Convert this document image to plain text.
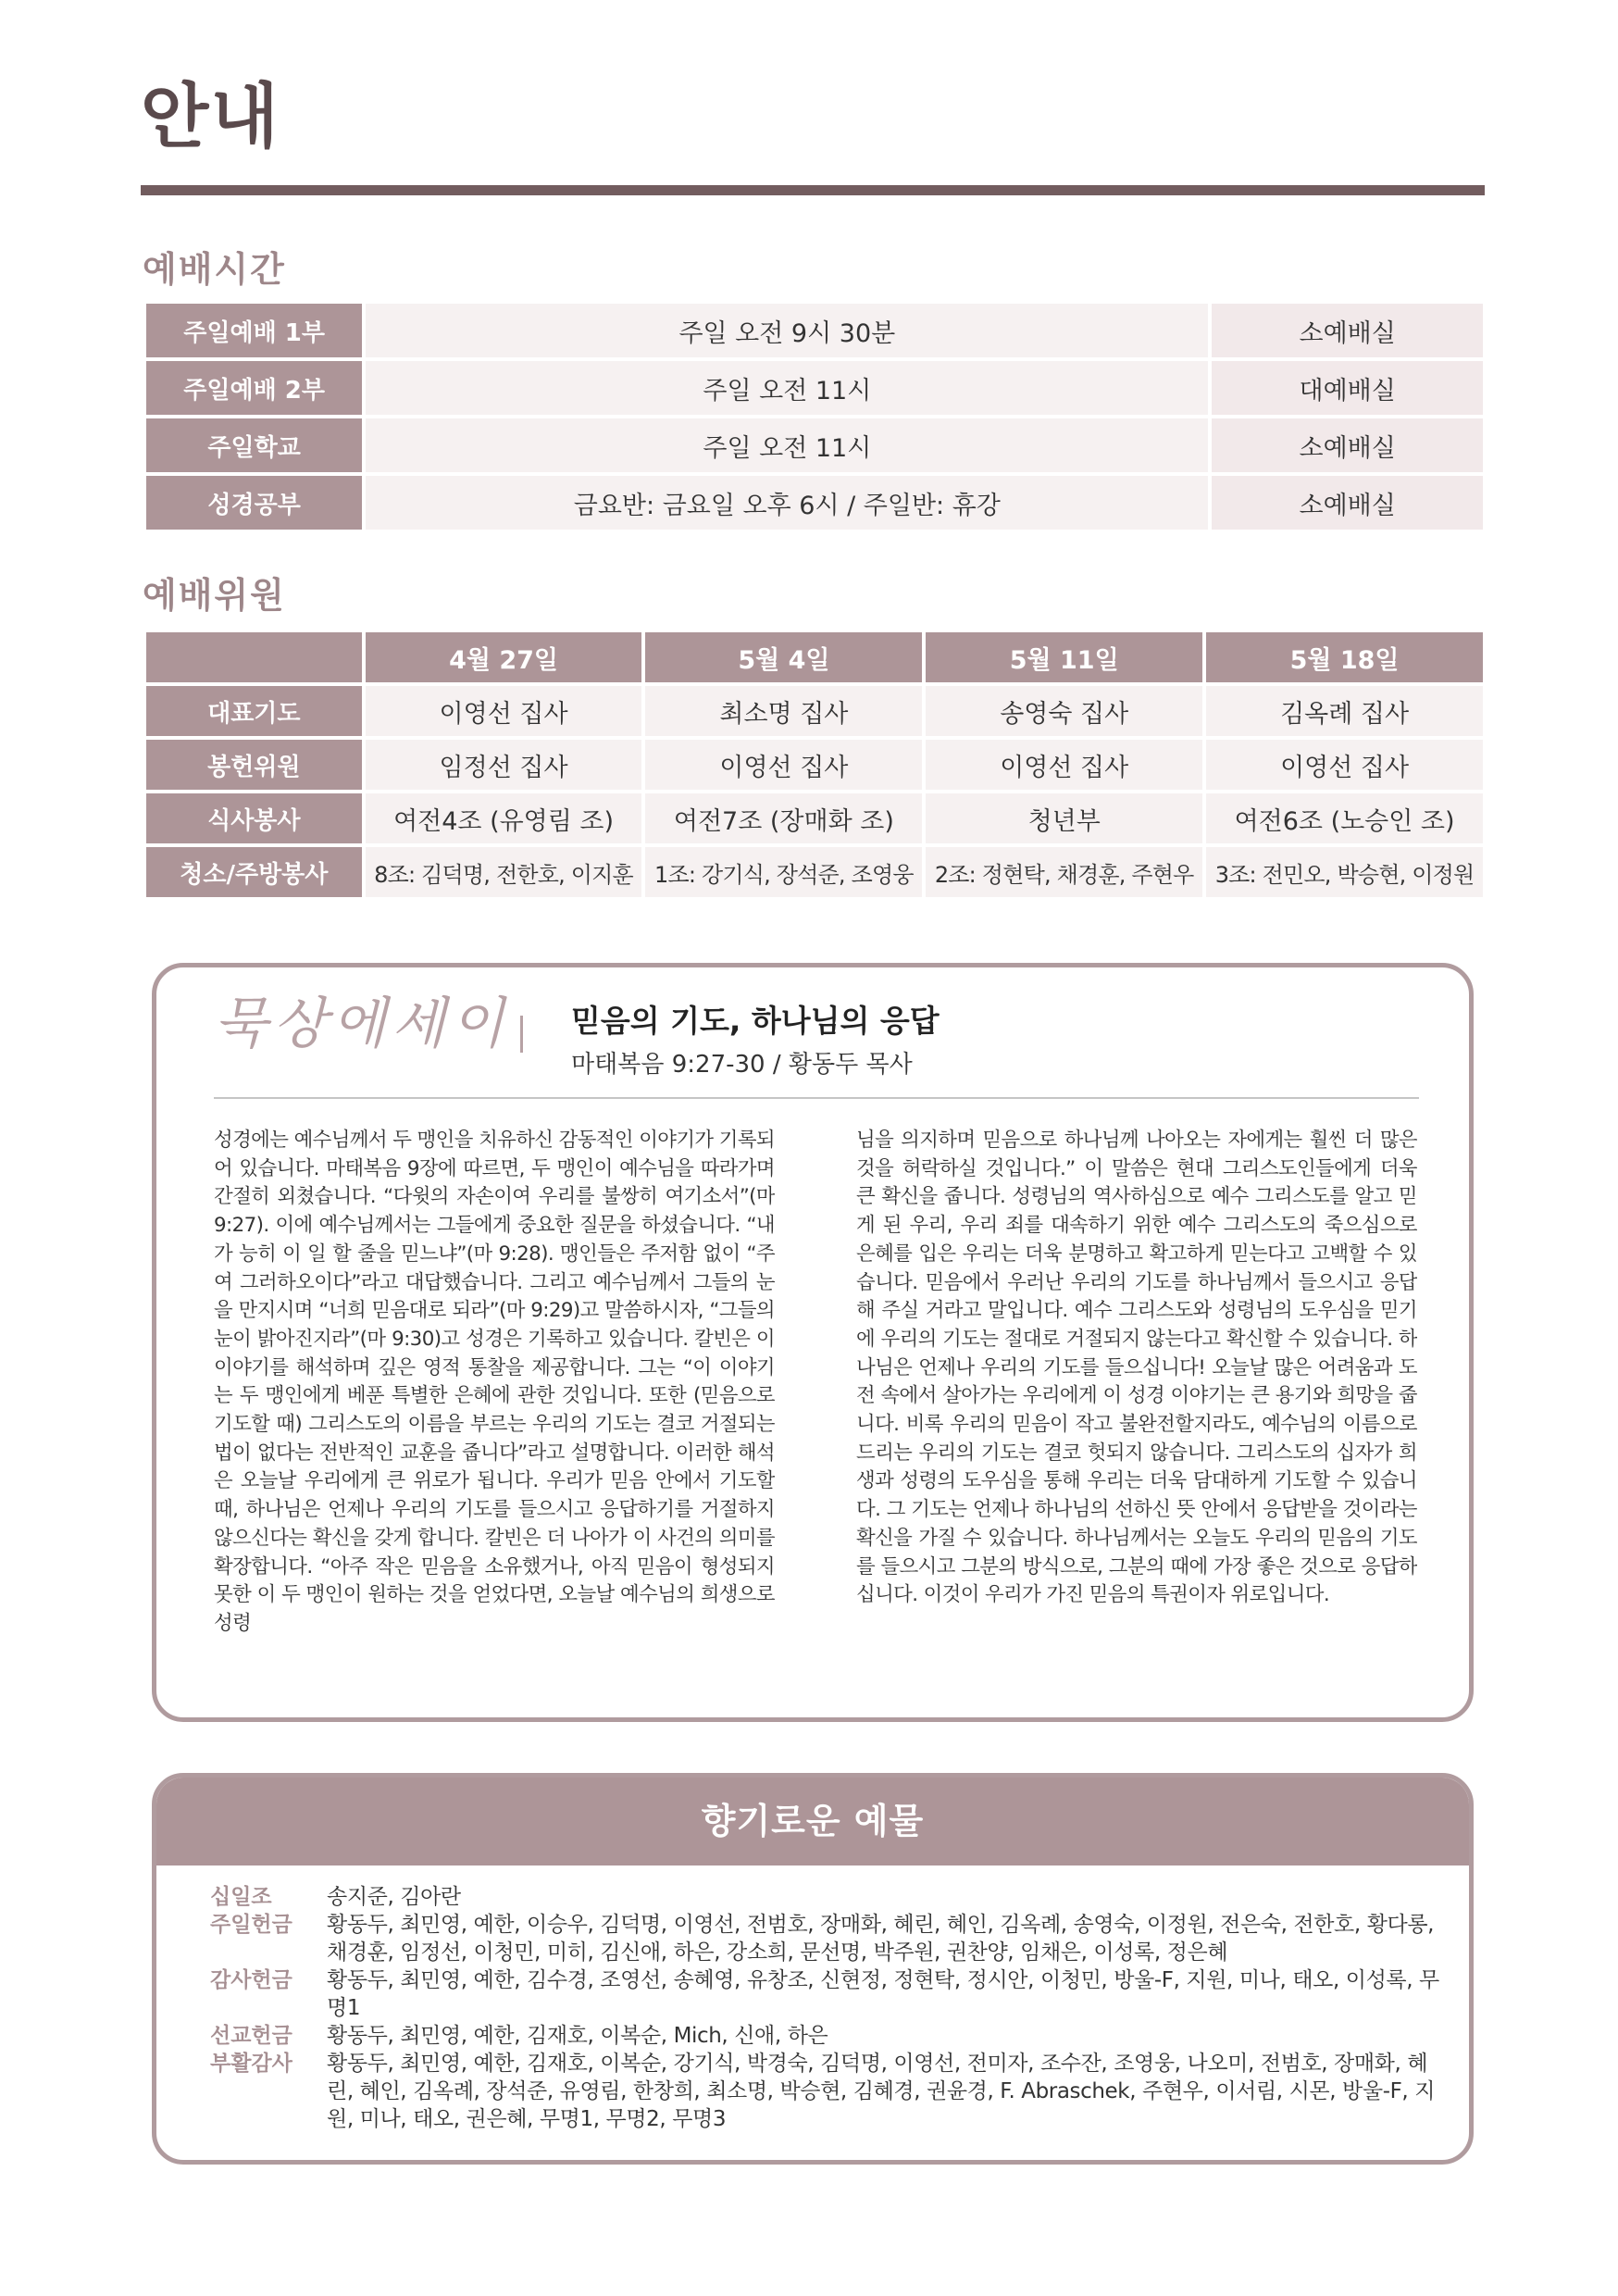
안내
예배시간
주일예배 1부	주일 오전 9시 30분	소예배실
주일예배 2부	주일 오전 11시	대예배실
주일학교	주일 오전 11시	소예배실
성경공부	금요반: 금요일 오후 6시 / 주일반: 휴강	소예배실
예배위원
	4월 27일	5월 4일	5월 11일	5월 18일
대표기도	이영선 집사	최소명 집사	송영숙 집사	김옥례 집사
봉헌위원	임정선 집사	이영선 집사	이영선 집사	이영선 집사
식사봉사	여전4조 (유영림 조)	여전7조 (장매화 조)	청년부	여전6조 (노승인 조)
청소/주방봉사	8조: 김덕명, 전한호, 이지훈	1조: 강기식, 장석준, 조영웅	2조: 정현탁, 채경훈, 주현우	3조: 전민오, 박승현, 이정원
묵상에세이 믿음의 기도, 하나님의 응답
마태복음 9:27-30 / 황동두 목사
성경에는 예수님께서 두 맹인을 치유하신 감동적인 이야기가 기록되어 있습니다. 마태복음 9장에 따르면, 두 맹인이 예수님을 따라가며 간절히 외쳤습니다. “다윗의 자손이여 우리를 불쌍히 여기소서”(마 9:27). 이에 예수님께서는 그들에게 중요한 질문을 하셨습니다. “내가 능히 이 일 할 줄을 믿느냐”(마 9:28). 맹인들은 주저함 없이 “주여 그러하오이다”라고 대답했습니다. 그리고 예수님께서 그들의 눈을 만지시며 “너희 믿음대로 되라”(마 9:29)고 말씀하시자, “그들의 눈이 밝아진지라”(마 9:30)고 성경은 기록하고 있습니다. 칼빈은 이 이야기를 해석하며 깊은 영적 통찰을 제공합니다. 그는 “이 이야기는 두 맹인에게 베푼 특별한 은혜에 관한 것입니다. 또한 (믿음으로 기도할 때) 그리스도의 이름을 부르는 우리의 기도는 결코 거절되는 법이 없다는 전반적인 교훈을 줍니다”라고 설명합니다. 이러한 해석은 오늘날 우리에게 큰 위로가 됩니다. 우리가 믿음 안에서 기도할 때, 하나님은 언제나 우리의 기도를 들으시고 응답하기를 거절하지 않으신다는 확신을 갖게 합니다. 칼빈은 더 나아가 이 사건의 의미를 확장합니다. “아주 작은 믿음을 소유했거나, 아직 믿음이 형성되지 못한 이 두 맹인이 원하는 것을 얻었다면, 오늘날 예수님의 희생으로 성령
님을 의지하며 믿음으로 하나님께 나아오는 자에게는 훨씬 더 많은 것을 허락하실 것입니다.” 이 말씀은 현대 그리스도인들에게 더욱 큰 확신을 줍니다. 성령님의 역사하심으로 예수 그리스도를 알고 믿게 된 우리, 우리 죄를 대속하기 위한 예수 그리스도의 죽으심으로 은혜를 입은 우리는 더욱 분명하고 확고하게 믿는다고 고백할 수 있습니다. 믿음에서 우러난 우리의 기도를 하나님께서 들으시고 응답해 주실 거라고 말입니다. 예수 그리스도와 성령님의 도우심을 믿기에 우리의 기도는 절대로 거절되지 않는다고 확신할 수 있습니다. 하나님은 언제나 우리의 기도를 들으십니다! 오늘날 많은 어려움과 도전 속에서 살아가는 우리에게 이 성경 이야기는 큰 용기와 희망을 줍니다. 비록 우리의 믿음이 작고 불완전할지라도, 예수님의 이름으로 드리는 우리의 기도는 결코 헛되지 않습니다. 그리스도의 십자가 희생과 성령의 도우심을 통해 우리는 더욱 담대하게 기도할 수 있습니다. 그 기도는 언제나 하나님의 선하신 뜻 안에서 응답받을 것이라는 확신을 가질 수 있습니다. 하나님께서는 오늘도 우리의 믿음의 기도를 들으시고 그분의 방식으로, 그분의 때에 가장 좋은 것으로 응답하십니다. 이것이 우리가 가진 믿음의 특권이자 위로입니다.
향기로운 예물
십일조	송지준, 김아란
주일헌금	황동두, 최민영, 예한, 이승우, 김덕명, 이영선, 전범호, 장매화, 혜린, 혜인, 김옥례, 송영숙, 이정원, 전은숙, 전한호, 황다롱, 채경훈, 임정선, 이청민, 미히, 김신애, 하은, 강소희, 문선명, 박주원, 권찬양, 임채은, 이성록, 정은혜
감사헌금	황동두, 최민영, 예한, 김수경, 조영선, 송혜영, 유창조, 신현정, 정현탁, 정시안, 이청민, 방울-F, 지원, 미나, 태오, 이성록, 무명1
선교헌금	황동두, 최민영, 예한, 김재호, 이복순, Mich, 신애, 하은
부활감사	황동두, 최민영, 예한, 김재호, 이복순, 강기식, 박경숙, 김덕명, 이영선, 전미자, 조수잔, 조영웅, 나오미, 전범호, 장매화, 혜린, 혜인, 김옥례, 장석준, 유영림, 한창희, 최소명, 박승현, 김혜경, 권윤경, F. Abraschek, 주현우, 이서림, 시몬, 방울-F, 지원, 미나, 태오, 권은혜, 무명1, 무명2, 무명3
